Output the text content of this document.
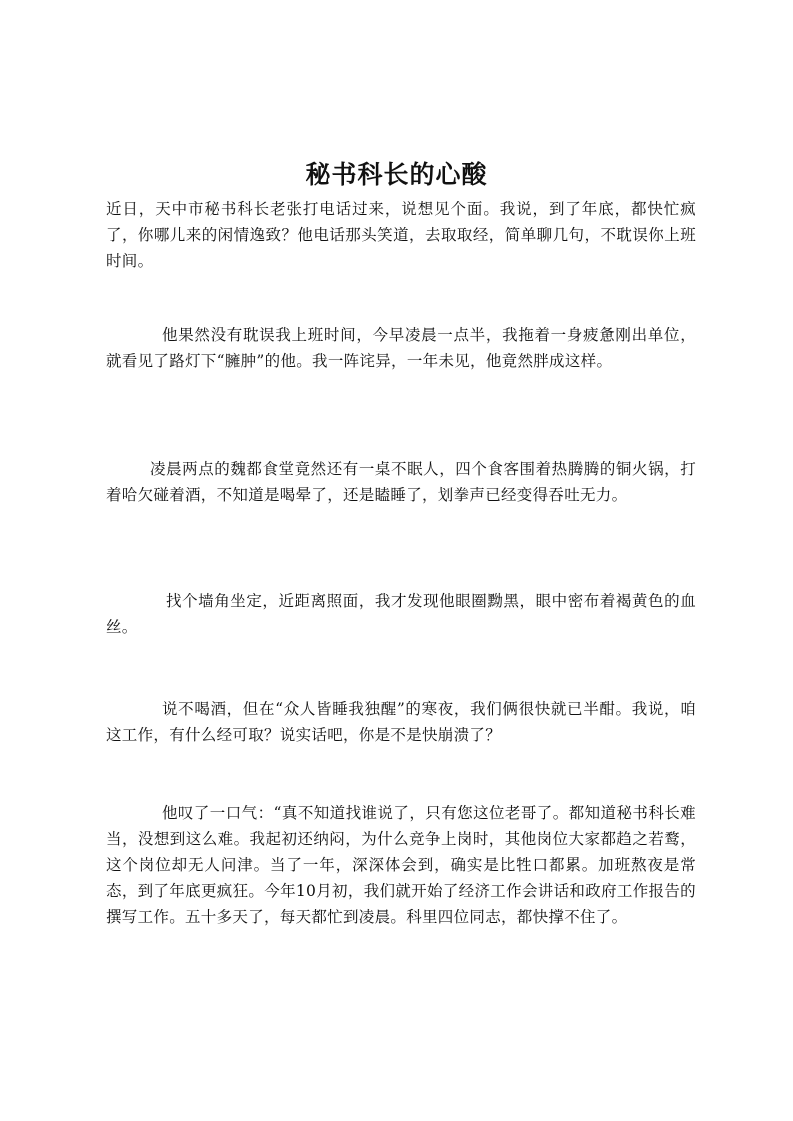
秘书科长的心酸

近日，天中市秘书科长老张打电话过来，说想见个面。我说，到了年底，都快忙疯了，你哪儿来的闲情逸致？他电话那头笑道，去取取经，简单聊几句，不耽误你上班时间。

他果然没有耽误我上班时间，今早凌晨一点半，我拖着一身疲惫刚出单位，就看见了路灯下“臃肿”的他。我一阵诧异，一年未见，他竟然胖成这样。

凌晨两点的魏都食堂竟然还有一桌不眠人，四个食客围着热腾腾的铜火锅，打着哈欠碰着酒，不知道是喝晕了，还是瞌睡了，划拳声已经变得吞吐无力。

找个墙角坐定，近距离照面，我才发现他眼圈黝黑，眼中密布着褐黄色的血丝。

说不喝酒，但在“众人皆睡我独醒”的寒夜，我们俩很快就已半酣。我说，咱这工作，有什么经可取？说实话吧，你是不是快崩溃了？

他叹了一口气：“真不知道找谁说了，只有您这位老哥了。都知道秘书科长难当，没想到这么难。我起初还纳闷，为什么竞争上岗时，其他岗位大家都趋之若鹜，这个岗位却无人问津。当了一年，深深体会到，确实是比牲口都累。加班熬夜是常态，到了年底更疯狂。今年10月初，我们就开始了经济工作会讲话和政府工作报告的撰写工作。五十多天了，每天都忙到凌晨。科里四位同志，都快撑不住了。
